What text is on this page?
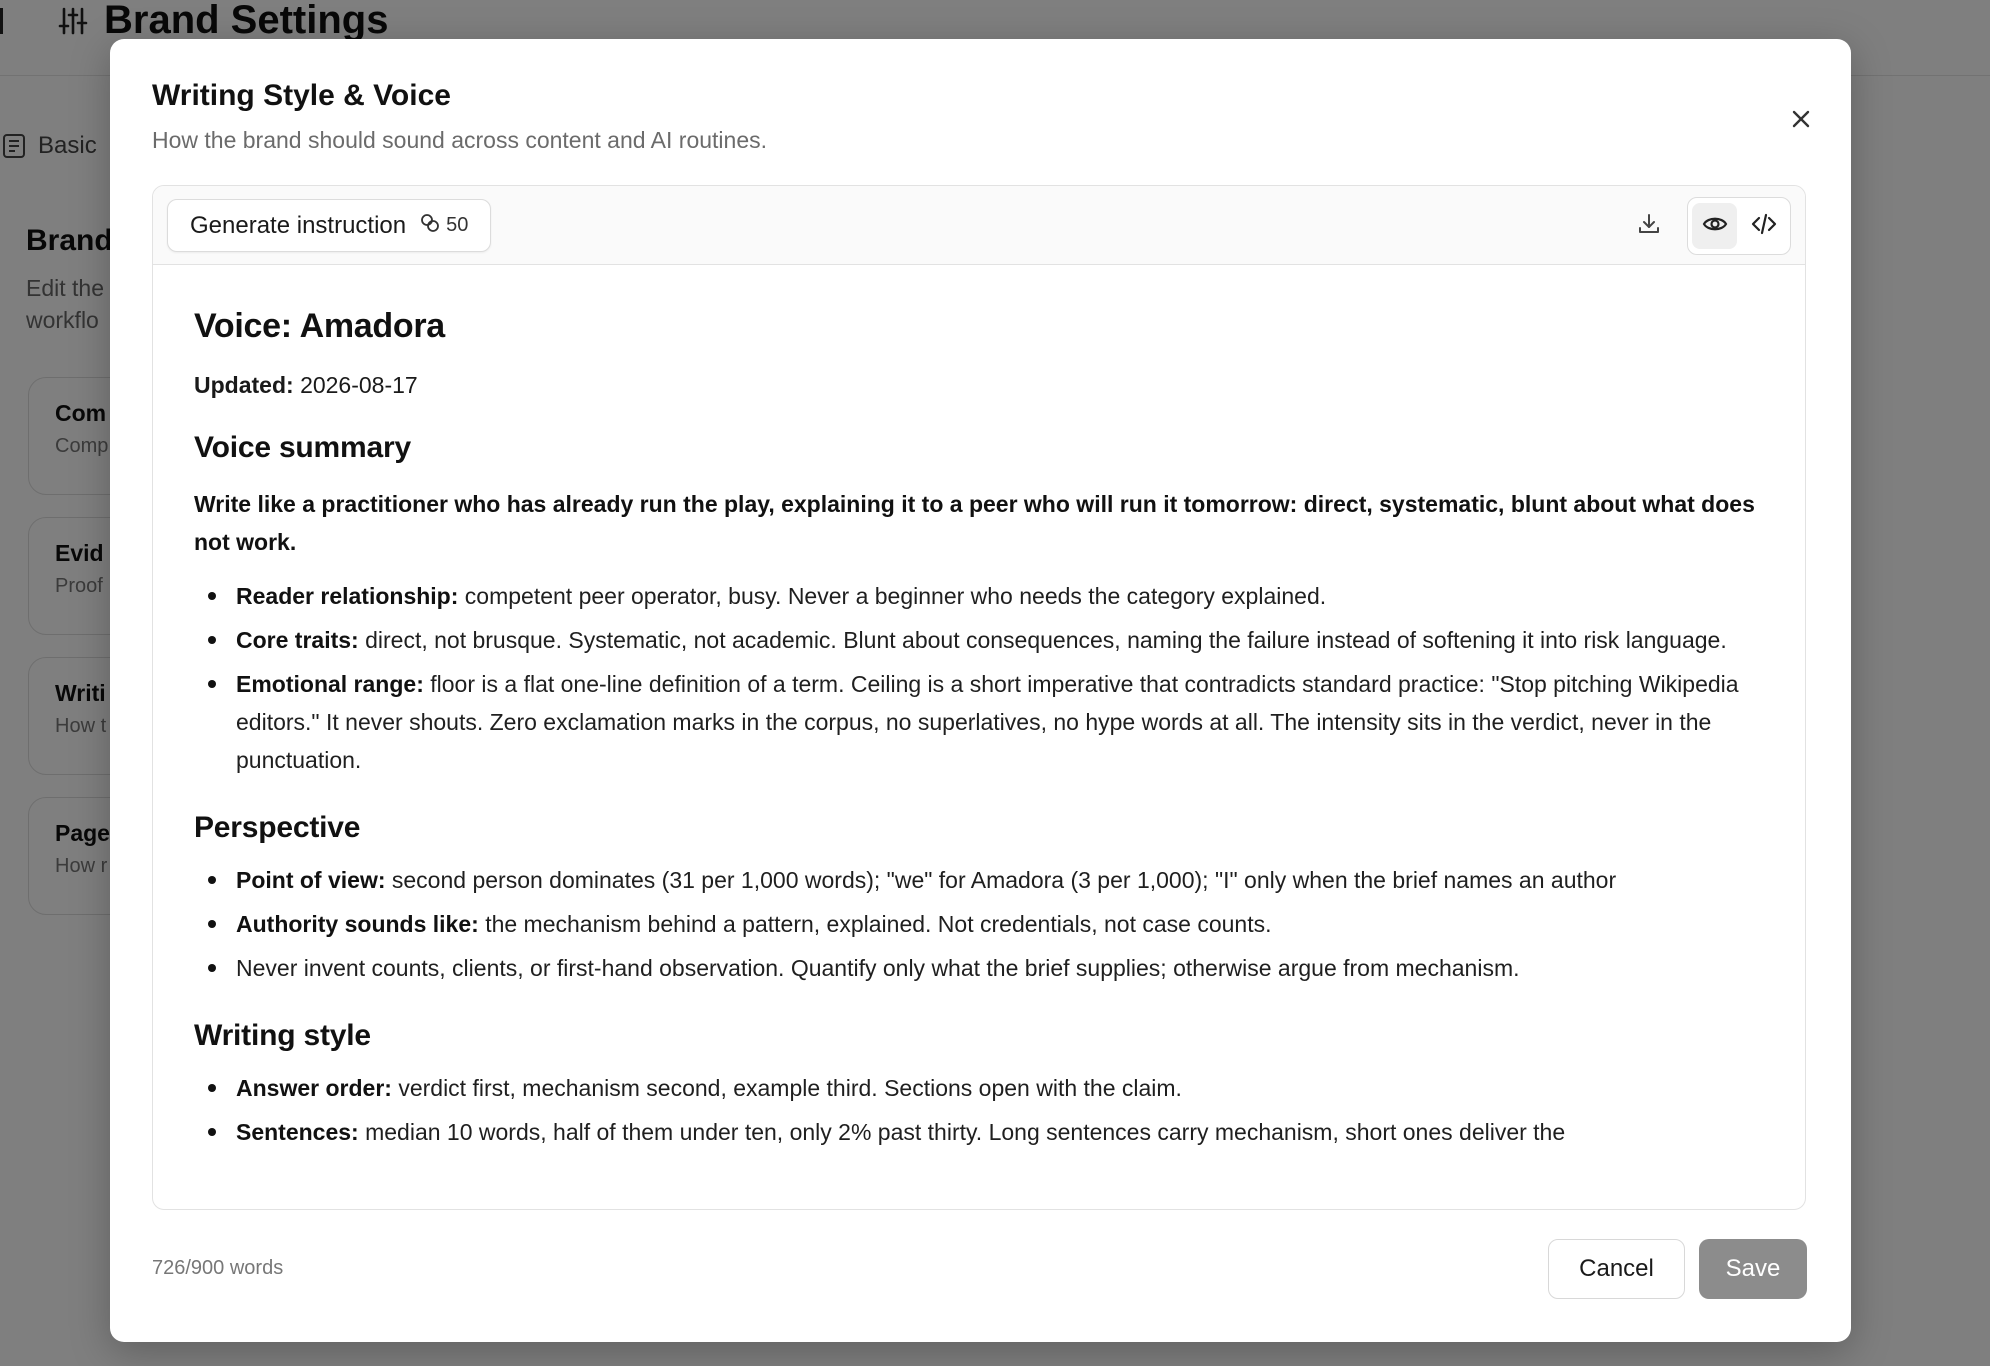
Writing Style & Voice
How the brand should sound across content and AI routines.
Generate instruction 50
Voice: Amadora

Updated: 2026-08-17

Voice summary

Write like a practitioner who has already run the play, explaining it to a peer who will run it tomorrow: direct, systematic, blunt about what does not work.

Reader relationship: competent peer operator, busy. Never a beginner who needs the category explained.
Core traits: direct, not brusque. Systematic, not academic. Blunt about consequences, naming the failure instead of softening it into risk language.
Emotional range: floor is a flat one-line definition of a term. Ceiling is a short imperative that contradicts standard practice: "Stop pitching Wikipedia editors." It never shouts. Zero exclamation marks in the corpus, no superlatives, no hype words at all. The intensity sits in the verdict, never in the punctuation.
Perspective
Point of view: second person dominates (31 per 1,000 words); "we" for Amadora (3 per 1,000); "I" only when the brief names an author
Authority sounds like: the mechanism behind a pattern, explained. Not credentials, not case counts.
Never invent counts, clients, or first-hand observation. Quantify only what the brief supplies; otherwise argue from mechanism.
Writing style
Answer order: verdict first, mechanism second, example third. Sections open with the claim.
Sentences: median 10 words, half of them under ten, only 2% past thirty. Long sentences carry mechanism, short ones deliver the
726/900 words	Cancel	Save
